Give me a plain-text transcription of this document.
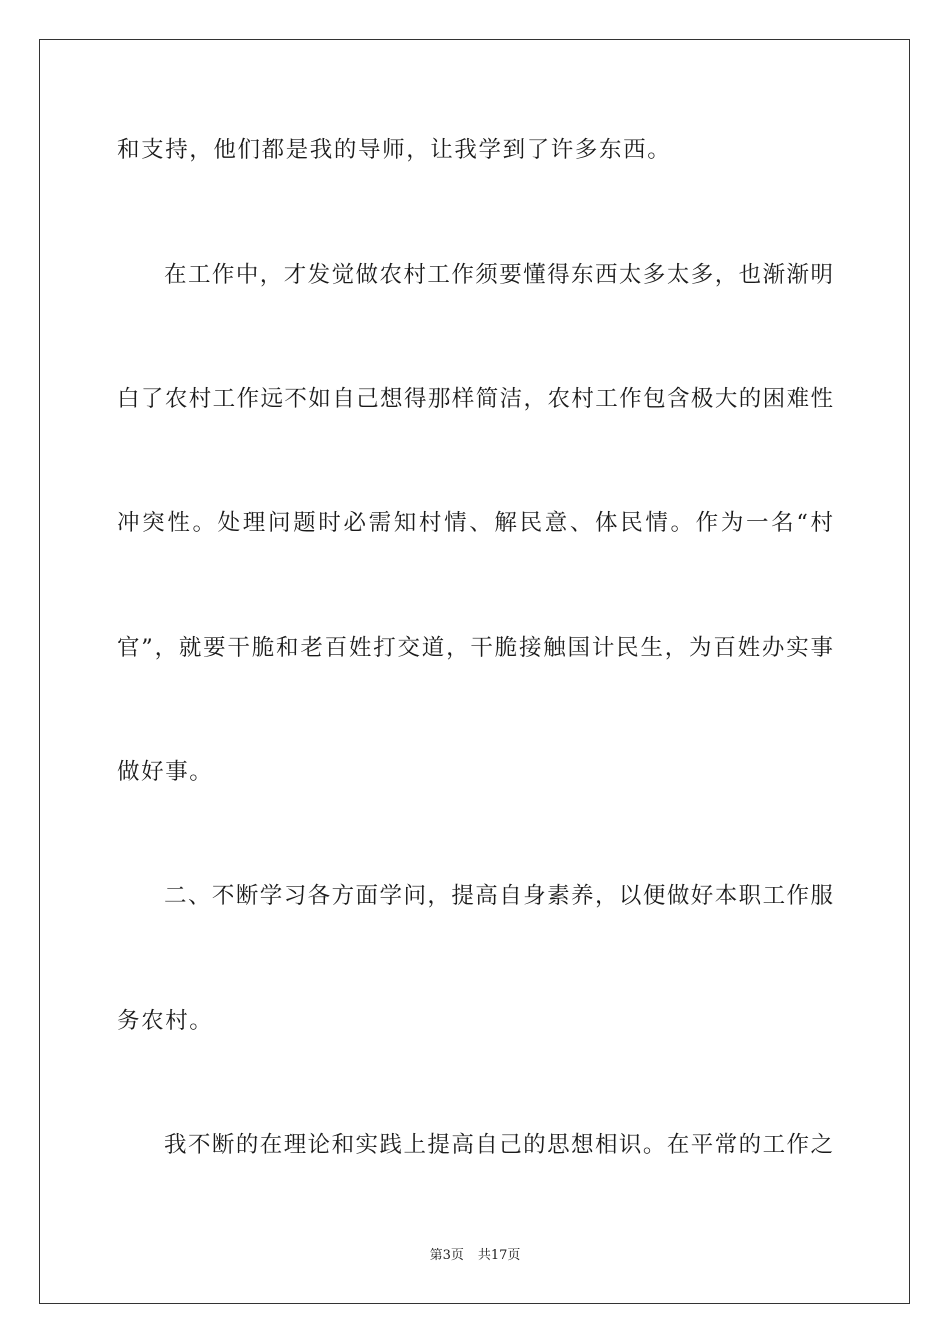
和支持，他们都是我的导师，让我学到了许多东西。
在工作中，才发觉做农村工作须要懂得东西太多太多，也渐渐明
白了农村工作远不如自己想得那样简洁，农村工作包含极大的困难性
冲突性。处理问题时必需知村情、解民意、体民情。作为一名“村
官”，就要干脆和老百姓打交道，干脆接触国计民生，为百姓办实事
做好事。
二、不断学习各方面学问，提高自身素养，以便做好本职工作服
务农村。
我不断的在理论和实践上提高自己的思想相识。在平常的工作之
第3页 共17页
